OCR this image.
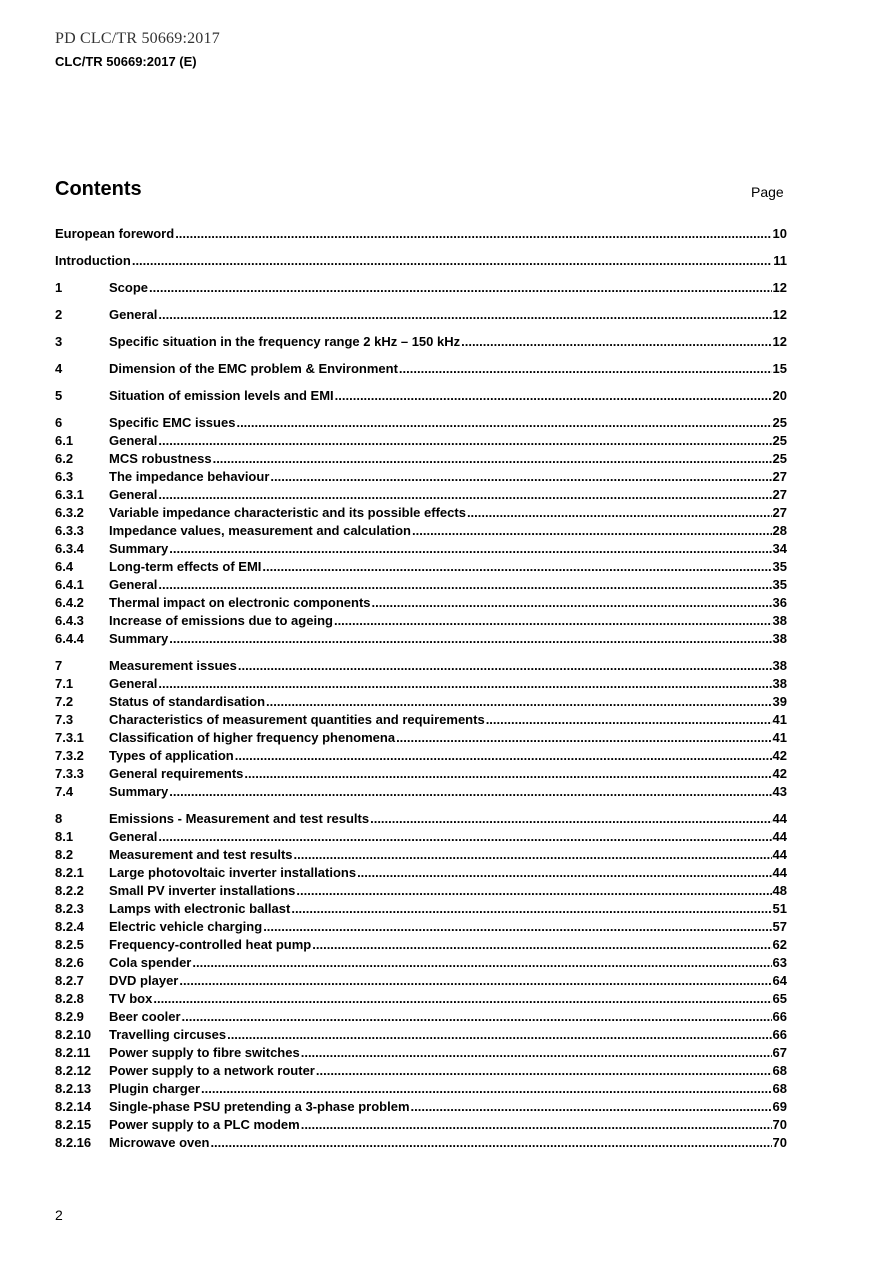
PD CLC/TR 50669:2017
CLC/TR 50669:2017 (E)
Contents	Page
European foreword .....	10
Introduction .....	11
1	Scope .....	12
2	General .....	12
3	Specific situation in the frequency range 2 kHz – 150 kHz .....	12
4	Dimension of the EMC problem & Environment .....	15
5	Situation of emission levels and EMI .....	20
6	Specific EMC issues .....	25
6.1	General .....	25
6.2	MCS robustness .....	25
6.3	The impedance behaviour .....	27
6.3.1	General .....	27
6.3.2	Variable impedance characteristic and its possible effects .....	27
6.3.3	Impedance values, measurement and calculation .....	28
6.3.4	Summary .....	34
6.4	Long-term effects of EMI .....	35
6.4.1	General .....	35
6.4.2	Thermal impact on electronic components .....	36
6.4.3	Increase of emissions due to ageing .....	38
6.4.4	Summary .....	38
7	Measurement issues .....	38
7.1	General .....	38
7.2	Status of standardisation .....	39
7.3	Characteristics of measurement quantities and requirements .....	41
7.3.1	Classification of higher frequency phenomena .....	41
7.3.2	Types of application .....	42
7.3.3	General requirements .....	42
7.4	Summary .....	43
8	Emissions - Measurement and test results .....	44
8.1	General .....	44
8.2	Measurement and test results .....	44
8.2.1	Large photovoltaic inverter installations .....	44
8.2.2	Small PV inverter installations .....	48
8.2.3	Lamps with electronic ballast .....	51
8.2.4	Electric vehicle charging .....	57
8.2.5	Frequency-controlled heat pump .....	62
8.2.6	Cola spender .....	63
8.2.7	DVD player .....	64
8.2.8	TV box .....	65
8.2.9	Beer cooler .....	66
8.2.10	Travelling circuses .....	66
8.2.11	Power supply to fibre switches .....	67
8.2.12	Power supply to a network router .....	68
8.2.13	Plugin charger .....	68
8.2.14	Single-phase PSU pretending a 3-phase problem .....	69
8.2.15	Power supply to a PLC modem .....	70
8.2.16	Microwave oven .....	70
2
